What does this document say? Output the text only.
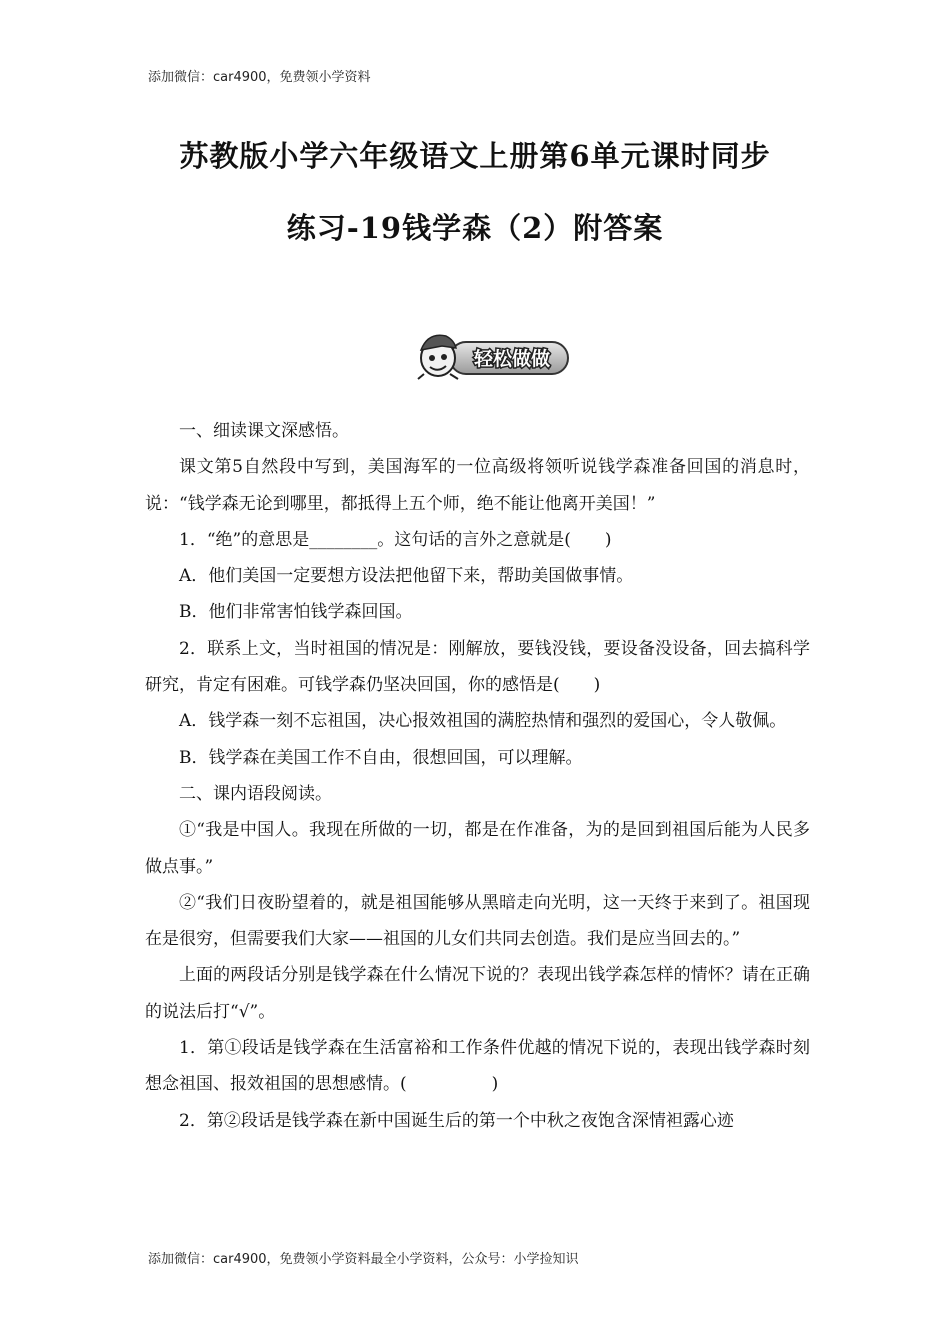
添加微信：car4900，免费领小学资料
苏教版小学六年级语文上册第6单元课时同步
练习-19钱学森（2）附答案
轻松做做

一、细读课文深感悟。

课文第5自然段中写到，美国海军的一位高级将领听说钱学森准备回国的消息时，说：“钱学森无论到哪里，都抵得上五个师，绝不能让他离开美国！”

1．“绝”的意思是________。这句话的言外之意就是(　　)

A．他们美国一定要想方设法把他留下来，帮助美国做事情。

B．他们非常害怕钱学森回国。

2．联系上文，当时祖国的情况是：刚解放，要钱没钱，要设备没设备，回去搞科学研究，肯定有困难。可钱学森仍坚决回国，你的感悟是(　　)

A．钱学森一刻不忘祖国，决心报效祖国的满腔热情和强烈的爱国心，令人敬佩。

B．钱学森在美国工作不自由，很想回国，可以理解。

二、课内语段阅读。

①“我是中国人。我现在所做的一切，都是在作准备，为的是回到祖国后能为人民多做点事。”

②“我们日夜盼望着的，就是祖国能够从黑暗走向光明，这一天终于来到了。祖国现在是很穷，但需要我们大家——祖国的儿女们共同去创造。我们是应当回去的。”

上面的两段话分别是钱学森在什么情况下说的？表现出钱学森怎样的情怀？请在正确的说法后打“√”。

1．第①段话是钱学森在生活富裕和工作条件优越的情况下说的，表现出钱学森时刻想念祖国、报效祖国的思想感情。(　　　　　)

2．第②段话是钱学森在新中国诞生后的第一个中秋之夜饱含深情袒露心迹

添加微信：car4900，免费领小学资料最全小学资料，公众号：小学捡知识
